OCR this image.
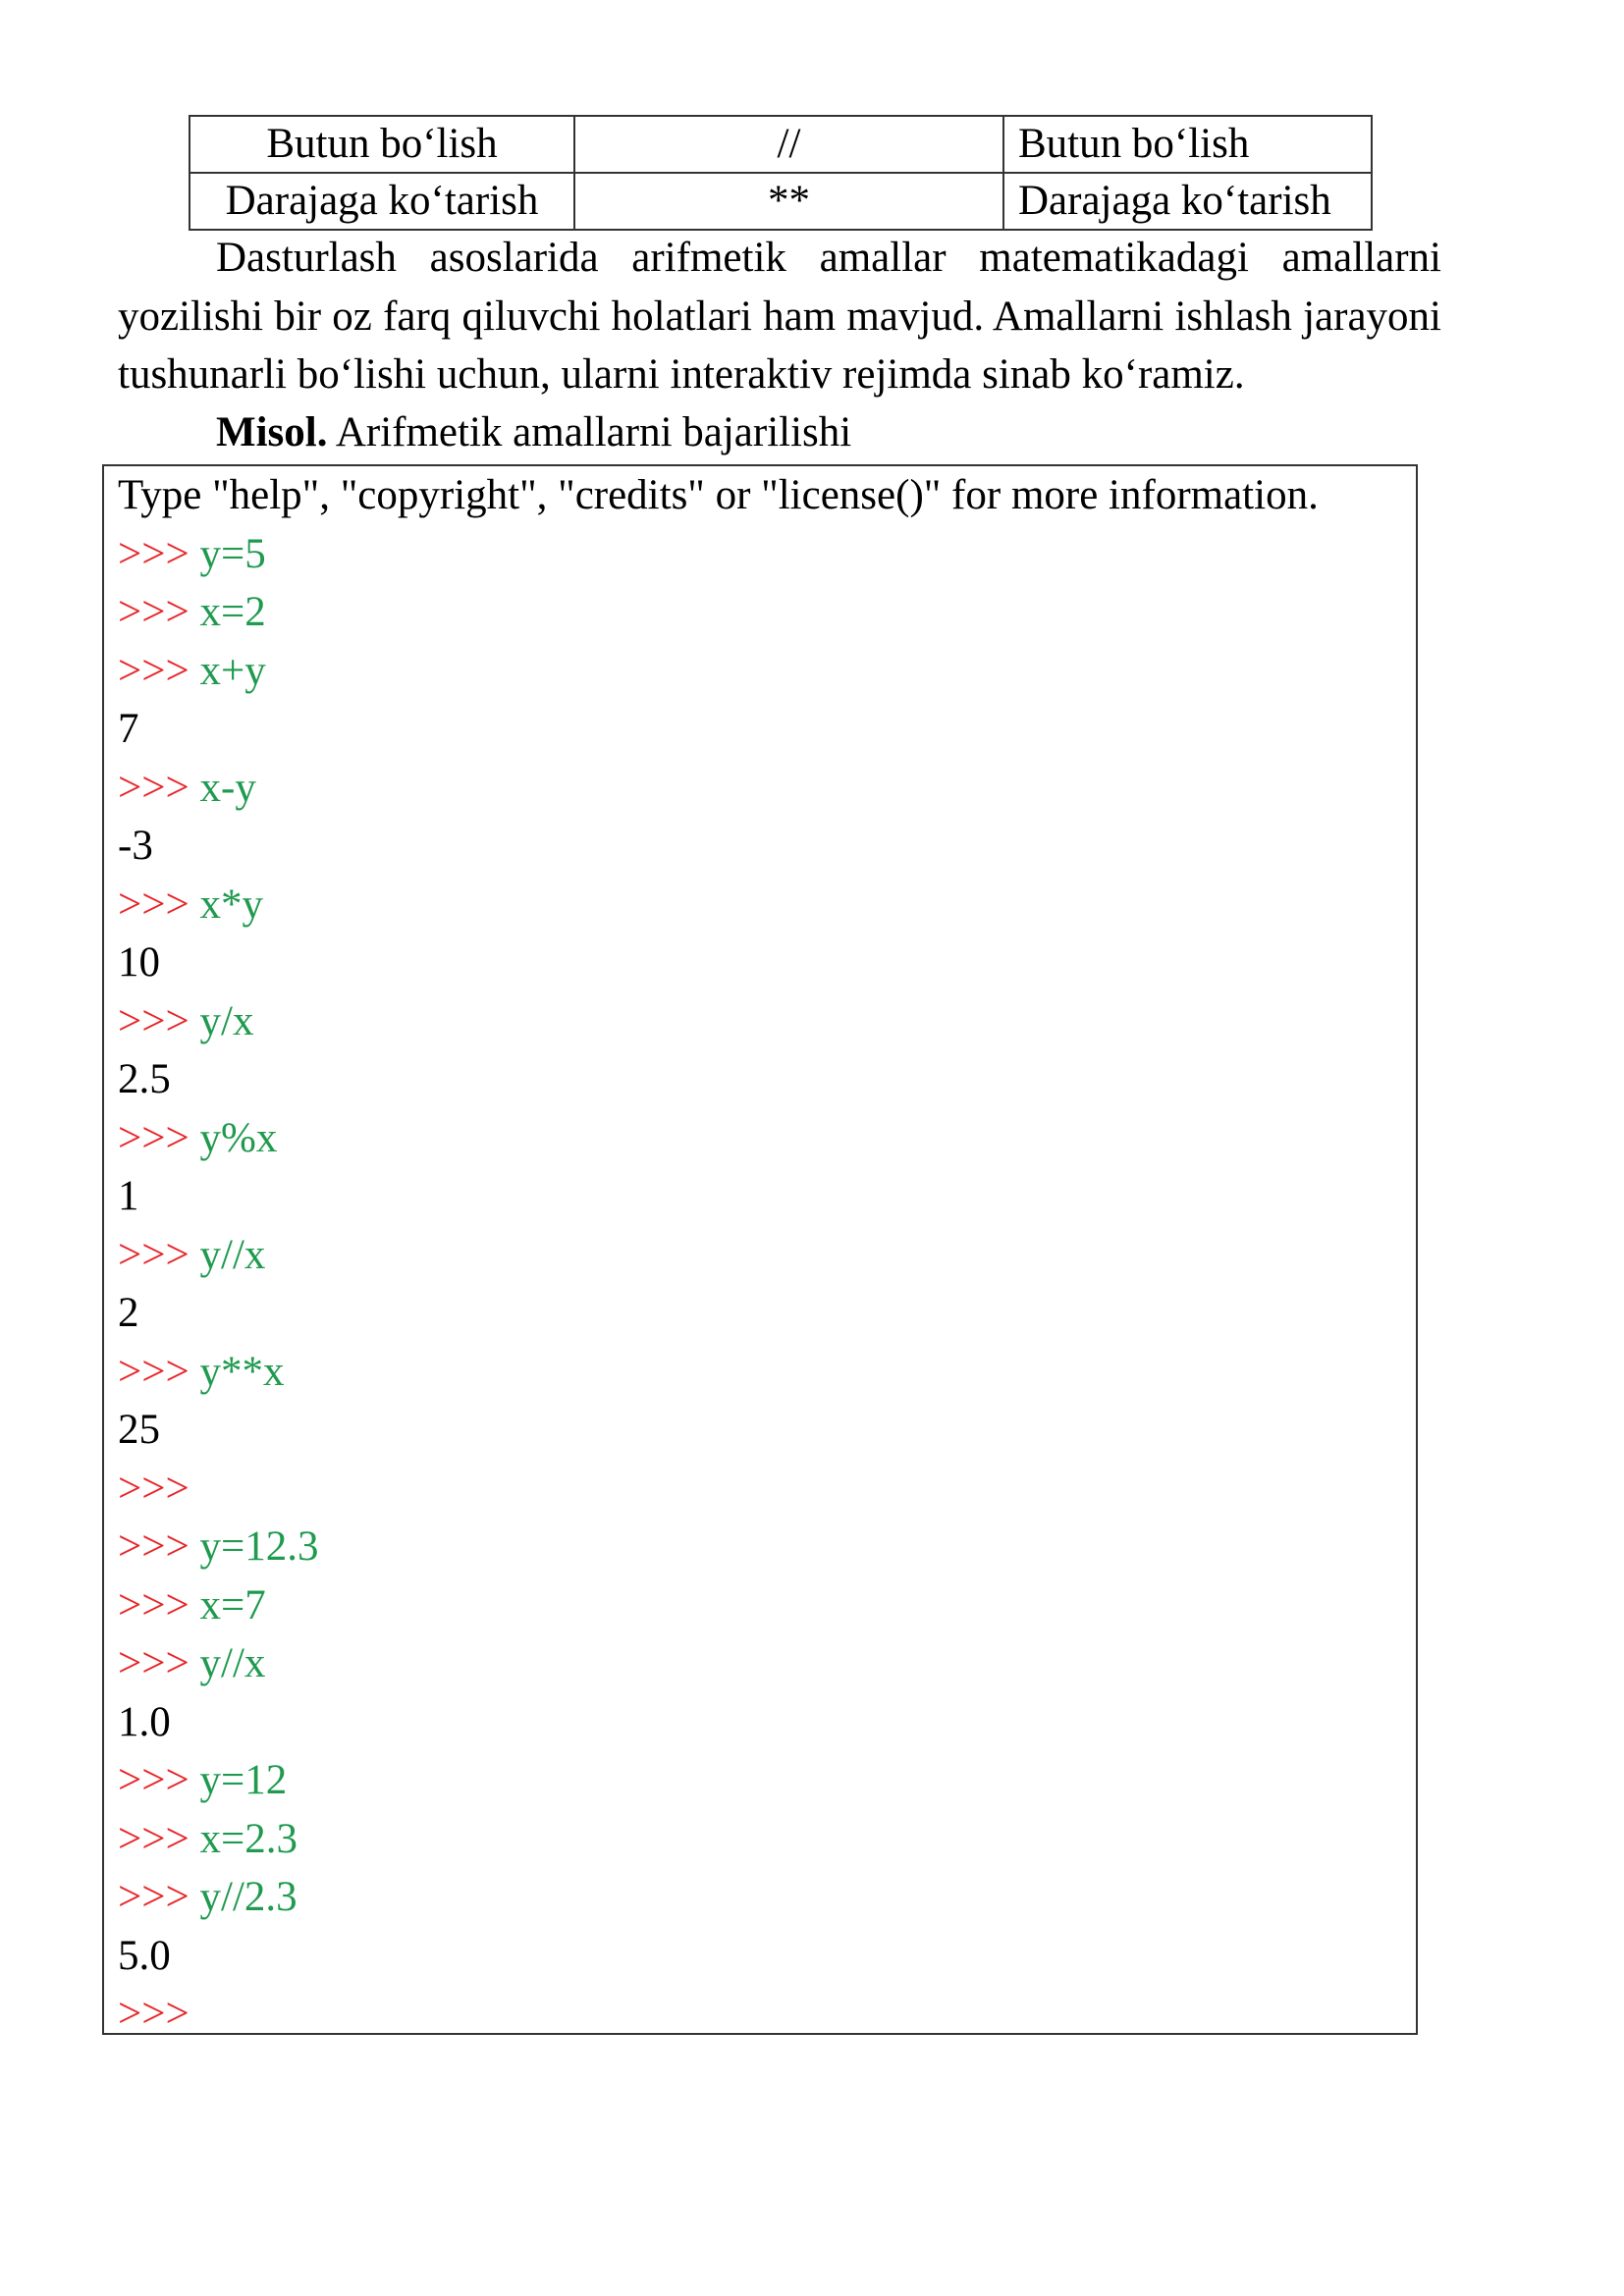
Butun bo‘lish	//	Butun bo‘lish
Darajaga ko‘tarish	**	Darajaga ko‘tarish

Dasturlash asoslarida arifmetik amallar matematikadagi amallarni yozilishi bir oz farq qiluvchi holatlari ham mavjud. Amallarni ishlash jarayoni tushunarli bo‘lishi uchun, ularni interaktiv rejimda sinab ko‘ramiz.

Misol. Arifmetik amallarni bajarilishi

Type "help", "copyright", "credits" or "license()" for more information.
>>> y=5
>>> x=2
>>> x+y
7
>>> x-y
-3
>>> x*y
10
>>> y/x
2.5
>>> y%x
1
>>> y//x
2
>>> y**x
25
>>>
>>> y=12.3
>>> x=7
>>> y//x
1.0
>>> y=12
>>> x=2.3
>>> y//2.3
5.0
>>>
